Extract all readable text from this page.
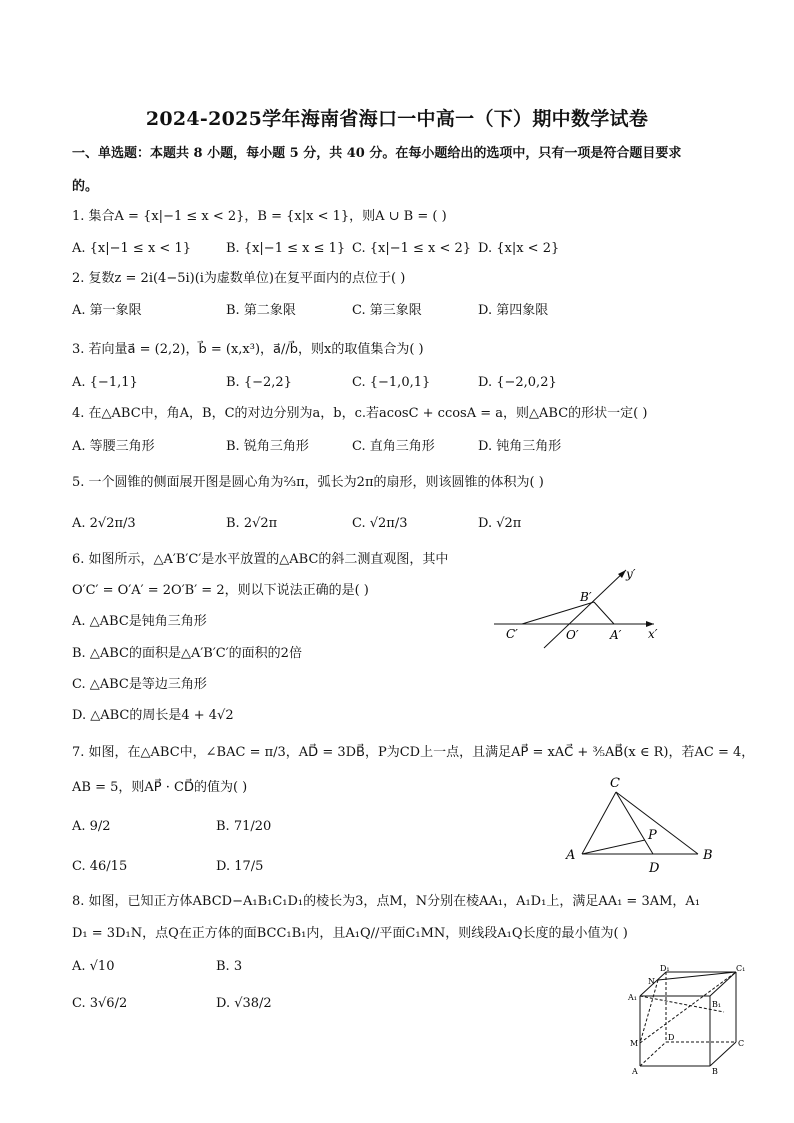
2024-2025学年海南省海口一中高一（下）期中数学试卷
一、单选题：本题共 8 小题，每小题 5 分，共 40 分。在每小题给出的选项中，只有一项是符合题目要求
的。
1. 集合A = {x|−1 ≤ x < 2}，B = {x|x < 1}，则A ∪ B = ( )
A. {x|−1 ≤ x < 1}	B. {x|−1 ≤ x ≤ 1} C. {x|−1 ≤ x < 2} D. {x|x < 2}
2. 复数z = 2i(4−5i)(i为虚数单位)在复平面内的点位于( )
A. 第一象限	B. 第二象限	C. 第三象限	D. 第四象限
3. 若向量a⃗ = (2,2)，b⃗ = (x,x³)，a⃗//b⃗，则x的取值集合为( )
A. {−1,1}	B. {−2,2}	C. {−1,0,1}	D. {−2,0,2}
4. 在△ABC中，角A，B，C的对边分别为a，b，c.若acosC + ccosA = a，则△ABC的形状一定( )
A. 等腰三角形	B. 锐角三角形	C. 直角三角形	D. 钝角三角形
5. 一个圆锥的侧面展开图是圆心角为⅔π，弧长为2π的扇形，则该圆锥的体积为( )
A. 2√2π/3	B. 2√2π	C. √2π/3	D. √2π
6. 如图所示，△A′B′C′是水平放置的△ABC的斜二测直观图，其中
O′C′ = O′A′ = 2O′B′ = 2，则以下说法正确的是( )
A. △ABC是钝角三角形
B. △ABC的面积是△A′B′C′的面积的2倍
C. △ABC是等边三角形
D. △ABC的周长是4 + 4√2
B′
C′	O′	A′ x′
y′
7. 如图，在△ABC中，∠BAC = π/3，AD⃗ = 3DB⃗，P为CD上一点，且满足AP⃗ = xAC⃗ + ⅗AB⃗(x ∈ R)，若AC = 4，
AB = 5，则AP⃗ · CD⃗的值为( )
A. 9/2	B. 71/20
C. 46/15	D. 17/5
C
A	B
P
D
8. 如图，已知正方体ABCD−A₁B₁C₁D₁的棱长为3，点M，N分别在棱AA₁，A₁D₁上，满足AA₁ = 3AM，A₁
D₁ = 3D₁N，点Q在正方体的面BCC₁B₁内，且A₁Q//平面C₁MN，则线段A₁Q长度的最小值为( )
A. √10	B. 3
C. 3√6/2	D. √38/2
D₁	C₁
N
A₁
B₁
D
C
M
A	B
